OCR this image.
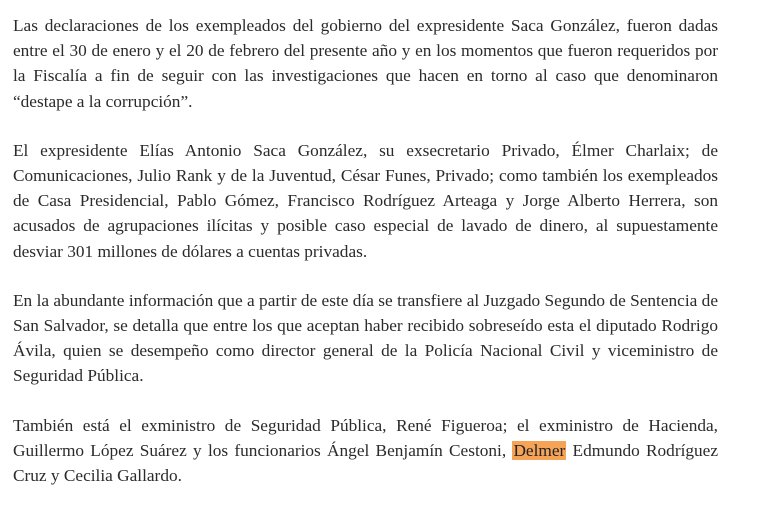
Las declaraciones de los exempleados del gobierno del expresidente Saca González, fueron dadas entre el 30 de enero y el 20 de febrero del presente año y en los momentos que fueron requeridos por la Fiscalía a fin de seguir con las investigaciones que hacen en torno al caso que denominaron “destape a la corrupción”.

El expresidente Elías Antonio Saca González, su exsecretario Privado, Élmer Charlaix; de Comunicaciones, Julio Rank y de la Juventud, César Funes, Privado; como también los exempleados de Casa Presidencial, Pablo Gómez, Francisco Rodríguez Arteaga y Jorge Alberto Herrera, son acusados de agrupaciones ilícitas y posible caso especial de lavado de dinero, al supuestamente desviar 301 millones de dólares a cuentas privadas.

En la abundante información que a partir de este día se transfiere al Juzgado Segundo de Sentencia de San Salvador, se detalla que entre los que aceptan haber recibido sobreseído esta el diputado Rodrigo Ávila, quien se desempeño como director general de la Policía Nacional Civil y viceministro de Seguridad Pública.

También está el exministro de Seguridad Pública, René Figueroa; el exministro de Hacienda, Guillermo López Suárez y los funcionarios Ángel Benjamín Cestoni, Delmer Edmundo Rodríguez Cruz y Cecilia Gallardo.
